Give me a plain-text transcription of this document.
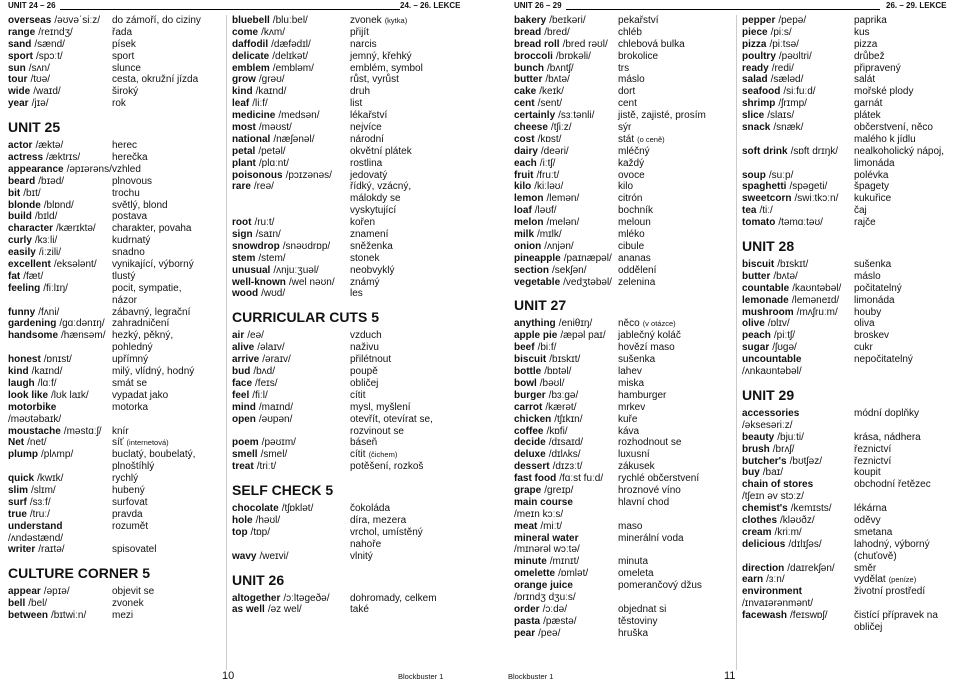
UNIT 24 – 26	24. – 26. LEKCE
overseas /əʊvəˈsiːz/ do zámoří, do ciziny
range /reɪndʒ/	řada
sand /sænd/	písek
sport /spɔːt/	sport
sun /sʌn/	slunce
tour /tʊə/	cesta, okružní jízda
wide /waɪd/	široký
year /jɪə/	rok
UNIT 25
actor /æktə/	herec
actress /æktrɪs/	herečka
appearance /əpɪərəns/ vzhled
beard /bɪəd/	plnovous
bit /bɪt/	trochu
blonde /blɒnd/	světlý, blond
build /bɪld/	postava
character /kærɪktə/ charakter, povaha
curly /kɜːli/	kudrnatý
easily /iːzili/	snadno
excellent /eksələnt/ vynikající, výborný
fat /fæt/	tlustý
feeling /fiːlɪŋ/	pocit, sympatie,
názor
funny /fʌni/	zábavný, legrační
gardening /gɑːdənɪŋ/ zahradničení
handsome /hænsəm/ hezký, pěkný,
pohledný
honest /ɒnɪst/	upřímný
kind /kaɪnd/	milý, vlídný, hodný
laugh /lɑːf/	smát se
look like /lʊk laɪk/ vypadat jako
motorbike	motorka
/məʊtəbaɪk/
moustache /məstɑːʃ/ knír
Net /net/	síť (internetová)
plump /plʌmp/	buclatý, boubelatý,
plnoštíhlý
quick /kwɪk/	rychlý
slim /slɪm/	hubený
surf /sɜːf/	surfovat
true /truː/	pravda
understand	rozumět
/ʌndəstænd/
writer /raɪtə/	spisovatel
CULTURE CORNER 5
appear /əpɪə/	objevit se
bell /bel/	zvonek
between /bɪtwiːn/	mezi
bluebell /bluːbel/	zvonek (kytka)
come /kʌm/	přijít
daffodil /dæfədɪl/	narcis
delicate /delɪkət/	jemný, křehký
emblem /embləm/	emblém, symbol
grow /grəʊ/	růst, vyrůst
kind /kaɪnd/	druh
leaf /liːf/	list
medicine /medsən/	lékařství
most /məʊst/	nejvíce
national /næʃənəl/	národní
petal /petəl/	okvětní plátek
plant /plɑːnt/	rostlina
poisonous /pɔɪzənəs/ jedovatý
rare /reə/	řídký, vzácný,
málokdy se
vyskytující
root /ruːt/	kořen
sign /saɪn/	znamení
snowdrop /snəʊdrɒp/ sněženka
stem /stem/	stonek
unusual /ʌnjuːʒuəl/	neobvyklý
well-known /wel nəʊn/ známý
wood /wʊd/	les
CURRICULAR CUTS 5
air /eə/	vzduch
alive /əlaɪv/	naživu
arrive /əraɪv/	přilétnout
bud /bʌd/	poupě
face /feɪs/	obličej
feel /fiːl/	cítit
mind /maɪnd/	mysl, myšlení
open /əʊpən/	otevřít, otevírat se,
rozvinout se
poem /pəʊɪm/	báseň
smell /smel/	cítit (čichem)
treat /triːt/	potěšení, rozkoš
SELF CHECK 5
chocolate /tʃɒklət/	čokoláda
hole /həʊl/	díra, mezera
top /tɒp/	vrchol, umístěný
nahoře
wavy /weɪvi/	vlnitý
UNIT 26
altogether /ɔːltəgeðə/ dohromady, celkem
as well /əz wel/	také
10	Blockbuster 1
UNIT 26 – 29	26. – 29. LEKCE
bakery /beɪkəri/	pekařství
bread /bred/	chléb
bread roll /bred rəʊl/ chlebová bulka
broccoli /brɒkəli/	brokolice
bunch /bʌntʃ/	trs
butter /bʌtə/	máslo
cake /keɪk/	dort
cent /sent/	cent
certainly /sɜːtənli/ jistě, zajisté, prosím
cheese /tʃiːz/	sýr
cost /kɒst/	stát (o ceně)
dairy /deəri/	mléčný
each /iːtʃ/	každý
fruit /fruːt/	ovoce
kilo /kiːləʊ/	kilo
lemon /lemən/	citrón
loaf /ləʊf/	bochník
melon /melən/	meloun
milk /mɪlk/	mléko
onion /ʌnjən/	cibule
pineapple /paɪnæpəl/ ananas
section /sekʃən/	oddělení
vegetable /vedʒtəbəl/ zelenina
UNIT 27
anything /eniθɪŋ/	něco (v otázce)
apple pie /æpəl paɪ/ jablečný koláč
beef /biːf/	hovězí maso
biscuit /bɪskɪt/	sušenka
bottle /bɒtəl/	lahev
bowl /bəʊl/	miska
burger /bɜːgə/	hamburger
carrot /kærət/	mrkev
chicken /tʃɪkɪn/	kuře
coffee /kɒfi/	káva
decide /dɪsaɪd/	rozhodnout se
deluxe /dɪlʌks/	luxusní
dessert /dɪzɜːt/	zákusek
fast food /fɑːst fuːd/ rychlé občerstvení
grape /greɪp/	hroznové víno
main course	hlavní chod
/meɪn kɔːs/
meat /miːt/	maso
mineral water	minerální voda
/mɪnərəl wɔːtə/
minute /mɪnɪt/	minuta
omelette /ɒmlət/	omeleta
orange juice	pomerančový džus
/ɒrɪndʒ dʒuːs/
order /ɔːdə/	objednat si
pasta /pæstə/	těstoviny
pear /peə/	hruška
pepper /pepə/	paprika
piece /piːs/	kus
pizza /piːtsə/	pizza
poultry /pəʊltri/	drůbež
ready /redi/	připravený
salad /sæləd/	salát
seafood /siːfuːd/	mořské plody
shrimp /ʃrɪmp/	garnát
slice /slaɪs/	plátek
snack /snæk/	občerstvení, něco
malého k jídlu
soft drink /sɒft drɪŋk/ nealkoholický nápoj,
limonáda
soup /suːp/	polévka
spaghetti /spəgeti/	špagety
sweetcorn /swiːtkɔːn/ kukuřice
tea /tiː/	čaj
tomato /təmɑːtəʊ/	rajče
UNIT 28
biscuit /bɪskɪt/	sušenka
butter /bʌtə/	máslo
countable /kaʊntəbəl/ počitatelný
lemonade /leməneɪd/ limonáda
mushroom /mʌʃruːm/ houby
olive /ɒlɪv/	oliva
peach /piːtʃ/	broskev
sugar /ʃʊgə/	cukr
uncountable	nepočitatelný
/ʌnkaʊntəbəl/
UNIT 29
accessories	módní doplňky
/əksesəriːz/
beauty /bjuːti/	krása, nádhera
brush /brʌʃ/	řeznictví
butcher's /bʊtʃəz/	řeznictví
buy /baɪ/	koupit
chain of stores	obchodní řetězec
/tʃeɪn əv stɔːz/
chemist's /kemɪsts/ lékárna
clothes /kləʊðz/	oděvy
cream /kriːm/	smetana
delicious /dɪlɪʃəs/	lahodný, výborný
(chuťově)
direction /daɪrekʃən/ směr
earn /ɜːn/	vydělat (peníze)
environment	životní prostředí
/ɪnvaɪərənmənt/
facewash /feɪswɒʃ/	čistící přípravek na
obličej
Blockbuster 1	11
